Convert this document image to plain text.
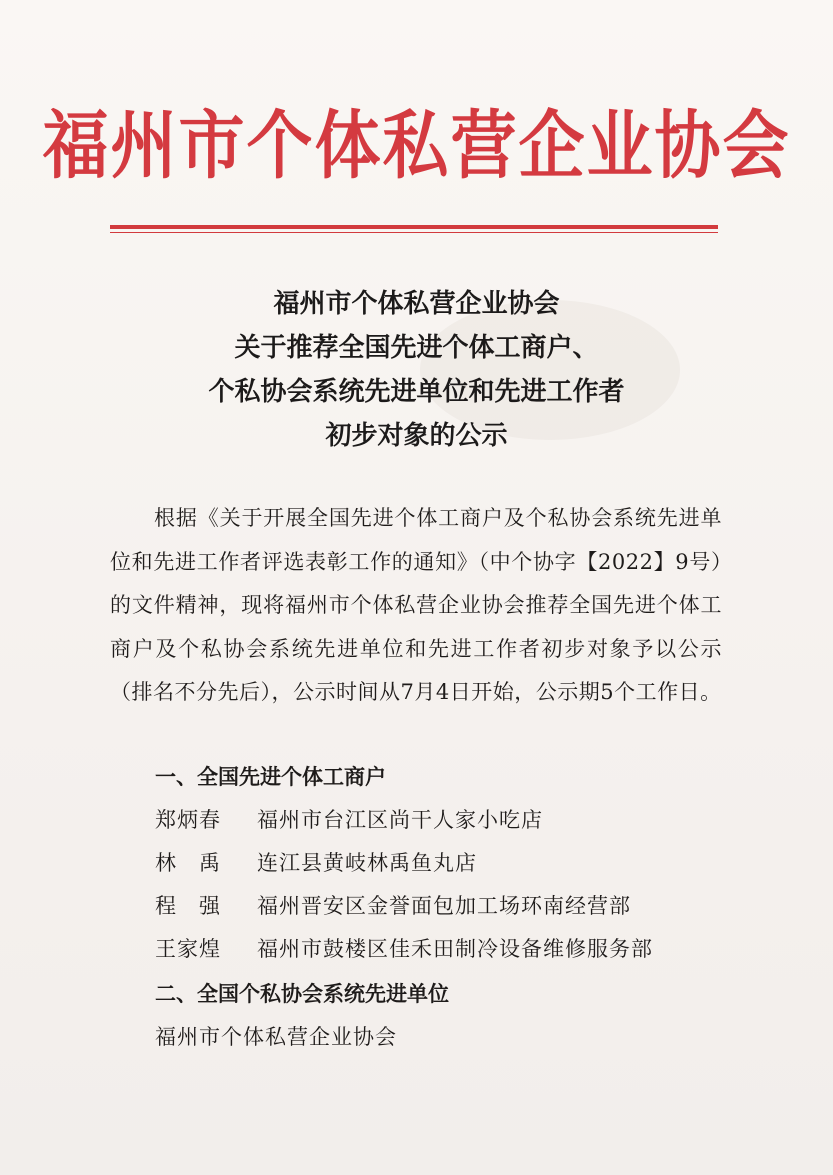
福州市个体私营企业协会
福州市个体私营企业协会
关于推荐全国先进个体工商户、
个私协会系统先进单位和先进工作者
初步对象的公示
根据《关于开展全国先进个体工商户及个私协会系统先进单位和先进工作者评选表彰工作的通知》（中个协字【2022】9号）的文件精神，现将福州市个体私营企业协会推荐全国先进个体工商户及个私协会系统先进单位和先进工作者初步对象予以公示（排名不分先后），公示时间从7月4日开始，公示期5个工作日。
一、全国先进个体工商户
郑炳春 福州市台江区尚干人家小吃店
林　禹 连江县黄岐林禹鱼丸店
程　强 福州晋安区金誉面包加工场环南经营部
王家煌 福州市鼓楼区佳禾田制冷设备维修服务部
二、全国个私协会系统先进单位
福州市个体私营企业协会
